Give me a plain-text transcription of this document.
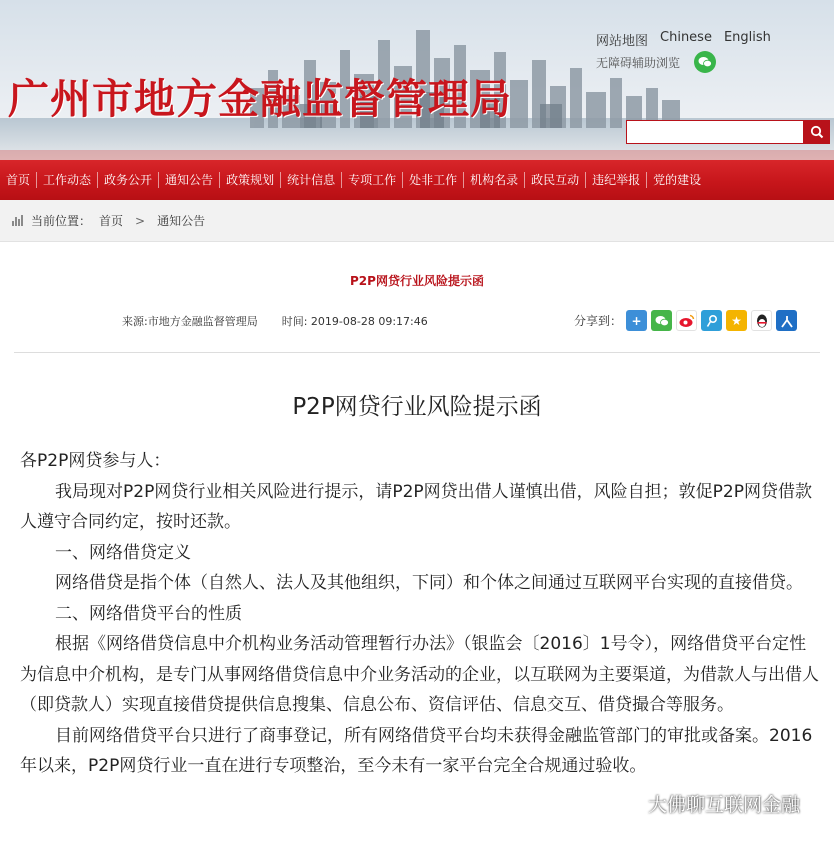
广州市地方金融监督管理局
网站地图 Chinese English
无障碍辅助浏览
首页	工作动态	政务公开	通知公告	政策规划	统计信息	专项工作	处非工作	机构名录	政民互动	违纪举报	党的建设
当前位置： 首页 > 通知公告
P2P网贷行业风险提示函
来源:市地方金融监督管理局 时间: 2019-08-28 09:17:46	分享到： +	★
P2P网贷行业风险提示函

各P2P网贷参与人：

我局现对P2P网贷行业相关风险进行提示，请P2P网贷出借人谨慎出借，风险自担；敦促P2P网贷借款人遵守合同约定，按时还款。

一、网络借贷定义

网络借贷是指个体（自然人、法人及其他组织，下同）和个体之间通过互联网平台实现的直接借贷。

二、网络借贷平台的性质

根据《网络借贷信息中介机构业务活动管理暂行办法》（银监会〔2016〕1号令），网络借贷平台定性为信息中介机构，是专门从事网络借贷信息中介业务活动的企业，以互联网为主要渠道，为借款人与出借人（即贷款人）实现直接借贷提供信息搜集、信息公布、资信评估、信息交互、借贷撮合等服务。

目前网络借贷平台只进行了商事登记，所有网络借贷平台均未获得金融监管部门的审批或备案。2016年以来，P2P网贷行业一直在进行专项整治，至今未有一家平台完全合规通过验收。

大佛聊互联网金融
